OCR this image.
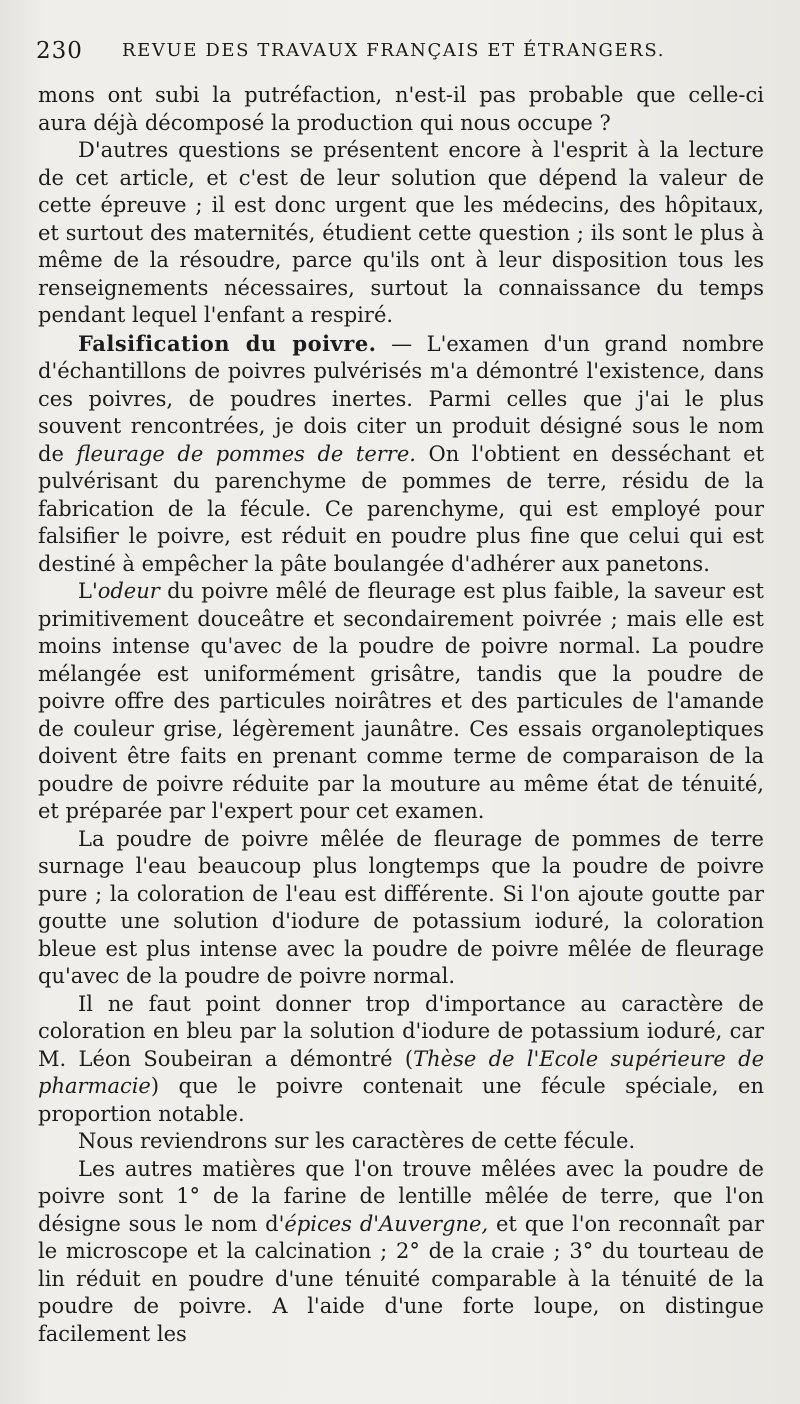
230 REVUE DES TRAVAUX FRANÇAIS ET ÉTRANGERS.

mons ont subi la putréfaction, n'est-il pas probable que celle-ci aura déjà décomposé la production qui nous occupe ?

D'autres questions se présentent encore à l'esprit à la lecture de cet article, et c'est de leur solution que dépend la valeur de cette épreuve ; il est donc urgent que les médecins, des hôpitaux, et surtout des maternités, étudient cette question ; ils sont le plus à même de la résoudre, parce qu'ils ont à leur disposition tous les renseignements nécessaires, surtout la connaissance du temps pendant lequel l'enfant a respiré.

Falsification du poivre. — L'examen d'un grand nombre d'échantillons de poivres pulvérisés m'a démontré l'existence, dans ces poivres, de poudres inertes. Parmi celles que j'ai le plus souvent rencontrées, je dois citer un produit désigné sous le nom de fleurage de pommes de terre. On l'obtient en desséchant et pulvérisant du parenchyme de pommes de terre, résidu de la fabrication de la fécule. Ce parenchyme, qui est employé pour falsifier le poivre, est réduit en poudre plus fine que celui qui est destiné à empêcher la pâte boulangée d'adhérer aux panetons.

L'odeur du poivre mêlé de fleurage est plus faible, la saveur est primitivement douceâtre et secondairement poivrée ; mais elle est moins intense qu'avec de la poudre de poivre normal. La poudre mélangée est uniformément grisâtre, tandis que la poudre de poivre offre des particules noirâtres et des particules de l'amande de couleur grise, légèrement jaunâtre. Ces essais organoleptiques doivent être faits en prenant comme terme de comparaison de la poudre de poivre réduite par la mouture au même état de ténuité, et préparée par l'expert pour cet examen.

La poudre de poivre mêlée de fleurage de pommes de terre surnage l'eau beaucoup plus longtemps que la poudre de poivre pure ; la coloration de l'eau est différente. Si l'on ajoute goutte par goutte une solution d'iodure de potassium ioduré, la coloration bleue est plus intense avec la poudre de poivre mêlée de fleurage qu'avec de la poudre de poivre normal.

Il ne faut point donner trop d'importance au caractère de coloration en bleu par la solution d'iodure de potassium ioduré, car M. Léon Soubeiran a démontré (Thèse de l'Ecole supérieure de pharmacie) que le poivre contenait une fécule spéciale, en proportion notable.

Nous reviendrons sur les caractères de cette fécule.

Les autres matières que l'on trouve mêlées avec la poudre de poivre sont 1° de la farine de lentille mêlée de terre, que l'on désigne sous le nom d'épices d'Auvergne, et que l'on reconnaît par le microscope et la calcination ; 2° de la craie ; 3° du tourteau de lin réduit en poudre d'une ténuité comparable à la ténuité de la poudre de poivre. A l'aide d'une forte loupe, on distingue facilement les
